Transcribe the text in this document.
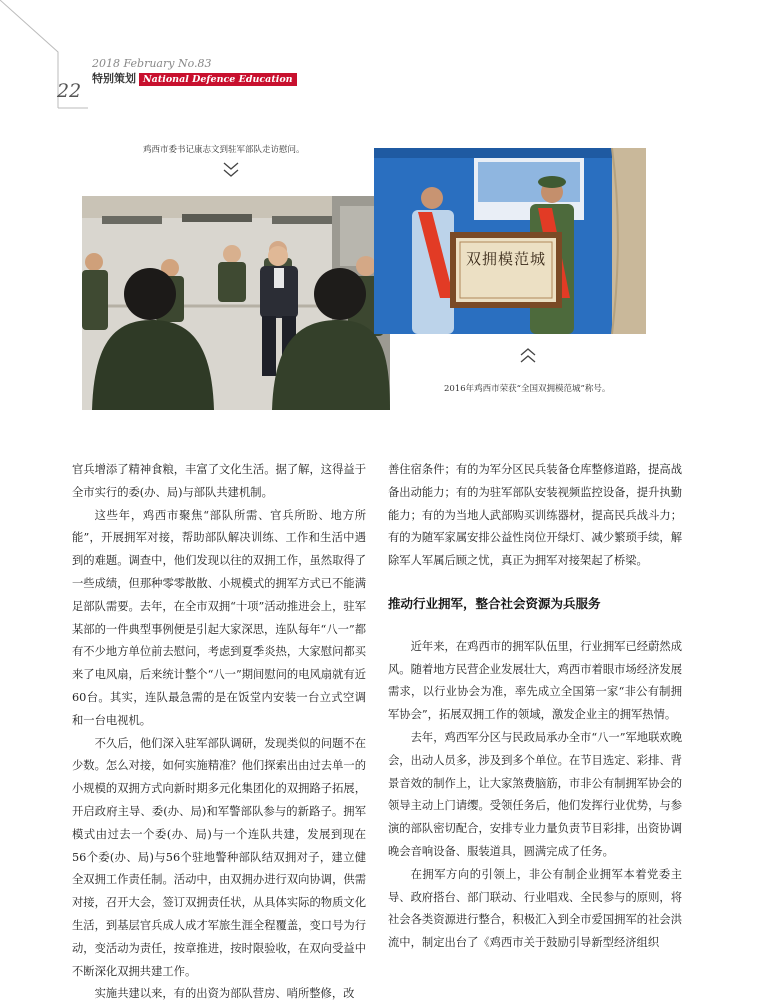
2018 February No.83
特别策划 National Defence Education
22
鸡西市委书记康志文到驻军部队走访慰问。
双拥模范城
2016年鸡西市荣获“全国双拥模范城”称号。

官兵增添了精神食粮，丰富了文化生活。据了解，这得益于全市实行的委(办、局)与部队共建机制。

这些年，鸡西市聚焦“部队所需、官兵所盼、地方所能”，开展拥军对接，帮助部队解决训练、工作和生活中遇到的难题。调查中，他们发现以往的双拥工作，虽然取得了一些成绩，但那种零零散散、小规模式的拥军方式已不能满足部队需要。去年，在全市双拥“十项”活动推进会上，驻军某部的一件典型事例便是引起大家深思，连队每年“八一”都有不少地方单位前去慰问，考虑到夏季炎热，大家慰问都买来了电风扇，后来统计整个“八一”期间慰问的电风扇就有近60台。其实，连队最急需的是在饭堂内安装一台立式空调和一台电视机。

不久后，他们深入驻军部队调研，发现类似的问题不在少数。怎么对接，如何实施精准？他们探索出由过去单一的小规模的双拥方式向新时期多元化集团化的双拥路子拓展，开启政府主导、委(办、局)和军警部队参与的新路子。拥军模式由过去一个委(办、局)与一个连队共建，发展到现在56个委(办、局)与56个驻地警种部队结双拥对子，建立健全双拥工作责任制。活动中，由双拥办进行双向协调，供需对接，召开大会，签订双拥责任状，从具体实际的物质文化生活，到基层官兵成人成才军旅生涯全程覆盖，变口号为行动，变活动为责任，按章推进，按时限验收，在双向受益中不断深化双拥共建工作。

实施共建以来，有的出资为部队营房、哨所整修，改

善住宿条件；有的为军分区民兵装备仓库整修道路，提高战备出动能力；有的为驻军部队安装视频监控设备，提升执勤能力；有的为当地人武部购买训练器材，提高民兵战斗力；有的为随军家属安排公益性岗位开绿灯、减少繁琐手续，解除军人军属后顾之忧，真正为拥军对接架起了桥梁。

推动行业拥军，整合社会资源为兵服务

近年来，在鸡西市的拥军队伍里，行业拥军已经蔚然成风。随着地方民营企业发展壮大，鸡西市着眼市场经济发展需求，以行业协会为准，率先成立全国第一家“非公有制拥军协会”，拓展双拥工作的领域，激发企业主的拥军热情。

去年，鸡西军分区与民政局承办全市“八一”军地联欢晚会，出动人员多，涉及到多个单位。在节目选定、彩排、背景音效的制作上，让大家煞费脑筋，市非公有制拥军协会的领导主动上门请缨。受领任务后，他们发挥行业优势，与参演的部队密切配合，安排专业力量负责节目彩排，出资协调晚会音响设备、服装道具，圆满完成了任务。

在拥军方向的引领上，非公有制企业拥军本着党委主导、政府搭台、部门联动、行业唱戏、全民参与的原则，将社会各类资源进行整合，积极汇入到全市爱国拥军的社会洪流中，制定出台了《鸡西市关于鼓励引导新型经济组织
